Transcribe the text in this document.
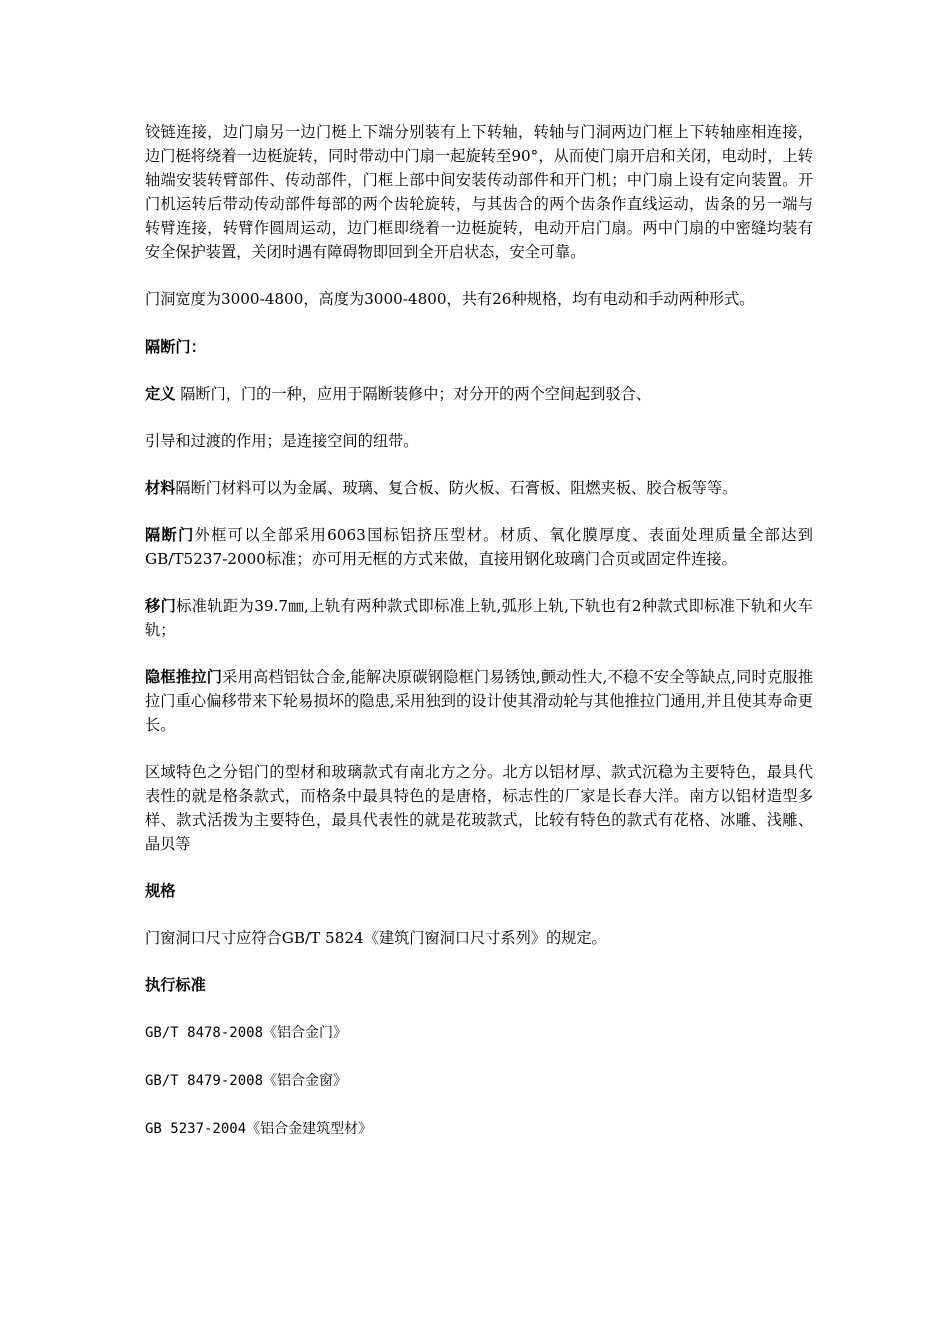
铰链连接，边门扇另一边门梃上下端分别装有上下转轴，转轴与门洞两边门框上下转轴座相连接，边门梃将绕着一边梃旋转，同时带动中门扇一起旋转至90°，从而使门扇开启和关闭，电动时，上转轴端安装转臂部件、传动部件，门框上部中间安装传动部件和开门机；中门扇上设有定向装置。开门机运转后带动传动部件每部的两个齿轮旋转，与其齿合的两个齿条作直线运动，齿条的另一端与转臂连接，转臂作圆周运动，边门框即绕着一边梃旋转，电动开启门扇。两中门扇的中密缝均装有安全保护装置，关闭时遇有障碍物即回到全开启状态，安全可靠。

门洞宽度为3000-4800，高度为3000-4800，共有26种规格，均有电动和手动两种形式。

隔断门：

定义 隔断门，门的一种，应用于隔断装修中；对分开的两个空间起到驳合、

引导和过渡的作用；是连接空间的纽带。

材料隔断门材料可以为金属、玻璃、复合板、防火板、石膏板、阻燃夹板、胶合板等等。

隔断门外框可以全部采用6063国标铝挤压型材。材质、氧化膜厚度、表面处理质量全部达到GB/T5237-2000标准；亦可用无框的方式来做，直接用钢化玻璃门合页或固定件连接。

移门标准轨距为39.7㎜,上轨有两种款式即标准上轨,弧形上轨,下轨也有2种款式即标准下轨和火车轨；

隐框推拉门采用高档铝钛合金,能解决原碳钢隐框门易锈蚀,颤动性大,不稳不安全等缺点,同时克服推拉门重心偏移带来下轮易损坏的隐患,采用独到的设计使其滑动轮与其他推拉门通用,并且使其寿命更长。

区域特色之分铝门的型材和玻璃款式有南北方之分。北方以铝材厚、款式沉稳为主要特色，最具代表性的就是格条款式，而格条中最具特色的是唐格，标志性的厂家是长春大洋。南方以铝材造型多样、款式活拨为主要特色，最具代表性的就是花玻款式，比较有特色的款式有花格、冰雕、浅雕、晶贝等

规格

门窗洞口尺寸应符合GB/T 5824《建筑门窗洞口尺寸系列》的规定。

执行标准

GB/T 8478-2008《铝合金门》

GB/T 8479-2008《铝合金窗》

GB 5237-2004《铝合金建筑型材》
